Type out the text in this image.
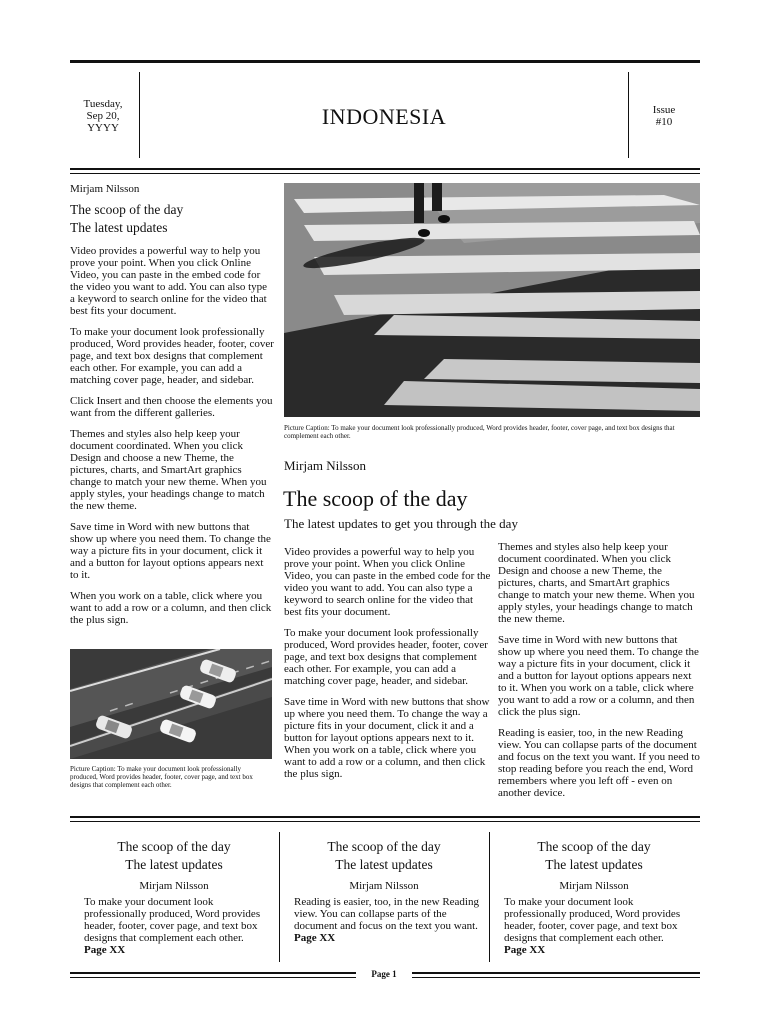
Tuesday,
Sep 20,
YYYY	INDONESIA	Issue
#10
Mirjam Nilsson
The scoop of the day
The latest updates

Video provides a powerful way to help you prove your point. When you click Online Video, you can paste in the embed code for the video you want to add. You can also type a keyword to search online for the video that best fits your document.

To make your document look professionally produced, Word provides header, footer, cover page, and text box designs that complement each other. For example, you can add a matching cover page, header, and sidebar.

Click Insert and then choose the elements you want from the different galleries.

Themes and styles also help keep your document coordinated. When you click Design and choose a new Theme, the pictures, charts, and SmartArt graphics change to match your new theme. When you apply styles, your headings change to match the new theme.

Save time in Word with new buttons that show up where you need them. To change the way a picture fits in your document, click it and a button for layout options appears next to it.

When you work on a table, click where you want to add a row or a column, and then click the plus sign.

Picture Caption: To make your document look professionally produced, Word provides header, footer, cover page, and text box designs that complement each other.
Picture Caption: To make your document look professionally produced, Word provides header, footer, cover page, and text box designs that complement each other.
Mirjam Nilsson
The scoop of the day
The latest updates to get you through the day

Video provides a powerful way to help you prove your point. When you click Online Video, you can paste in the embed code for the video you want to add. You can also type a keyword to search online for the video that best fits your document.

To make your document look professionally produced, Word provides header, footer, cover page, and text box designs that complement each other. For example, you can add a matching cover page, header, and sidebar.

Save time in Word with new buttons that show up where you need them. To change the way a picture fits in your document, click it and a button for layout options appears next to it. When you work on a table, click where you want to add a row or a column, and then click the plus sign.

Themes and styles also help keep your document coordinated. When you click Design and choose a new Theme, the pictures, charts, and SmartArt graphics change to match your new theme. When you apply styles, your headings change to match the new theme.

Save time in Word with new buttons that show up where you need them. To change the way a picture fits in your document, click it and a button for layout options appears next to it. When you work on a table, click where you want to add a row or a column, and then click the plus sign.

Reading is easier, too, in the new Reading view. You can collapse parts of the document and focus on the text you want. If you need to stop reading before you reach the end, Word remembers where you left off - even on another device.

The scoop of the day
The latest updates
Mirjam Nilsson
To make your document look professionally produced, Word provides header, footer, cover page, and text box designs that complement each other.
Page XX
The scoop of the day
The latest updates
Mirjam Nilsson
Reading is easier, too, in the new Reading view. You can collapse parts of the document and focus on the text you want.
Page XX
The scoop of the day
The latest updates
Mirjam Nilsson
To make your document look professionally produced, Word provides header, footer, cover page, and text box designs that complement each other.
Page XX
Page 1
